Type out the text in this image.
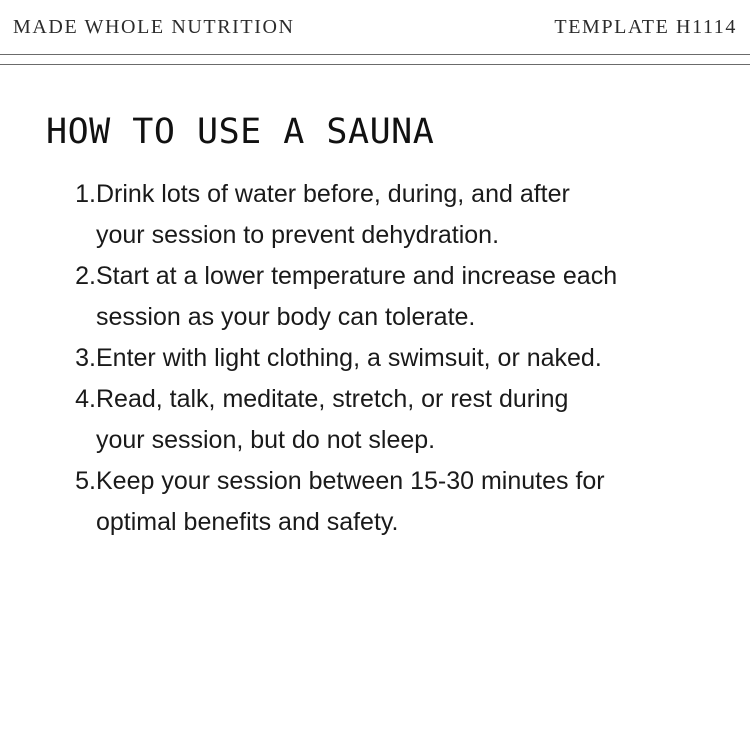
MADE WHOLE NUTRITION	TEMPLATE H1114
HOW TO USE A SAUNA
1. Drink lots of water before, during, and after your session to prevent dehydration.
2. Start at a lower temperature and increase each session as your body can tolerate.
3. Enter with light clothing, a swimsuit, or naked.
4. Read, talk, meditate, stretch, or rest during your session, but do not sleep.
5. Keep your session between 15-30 minutes for optimal benefits and safety.
